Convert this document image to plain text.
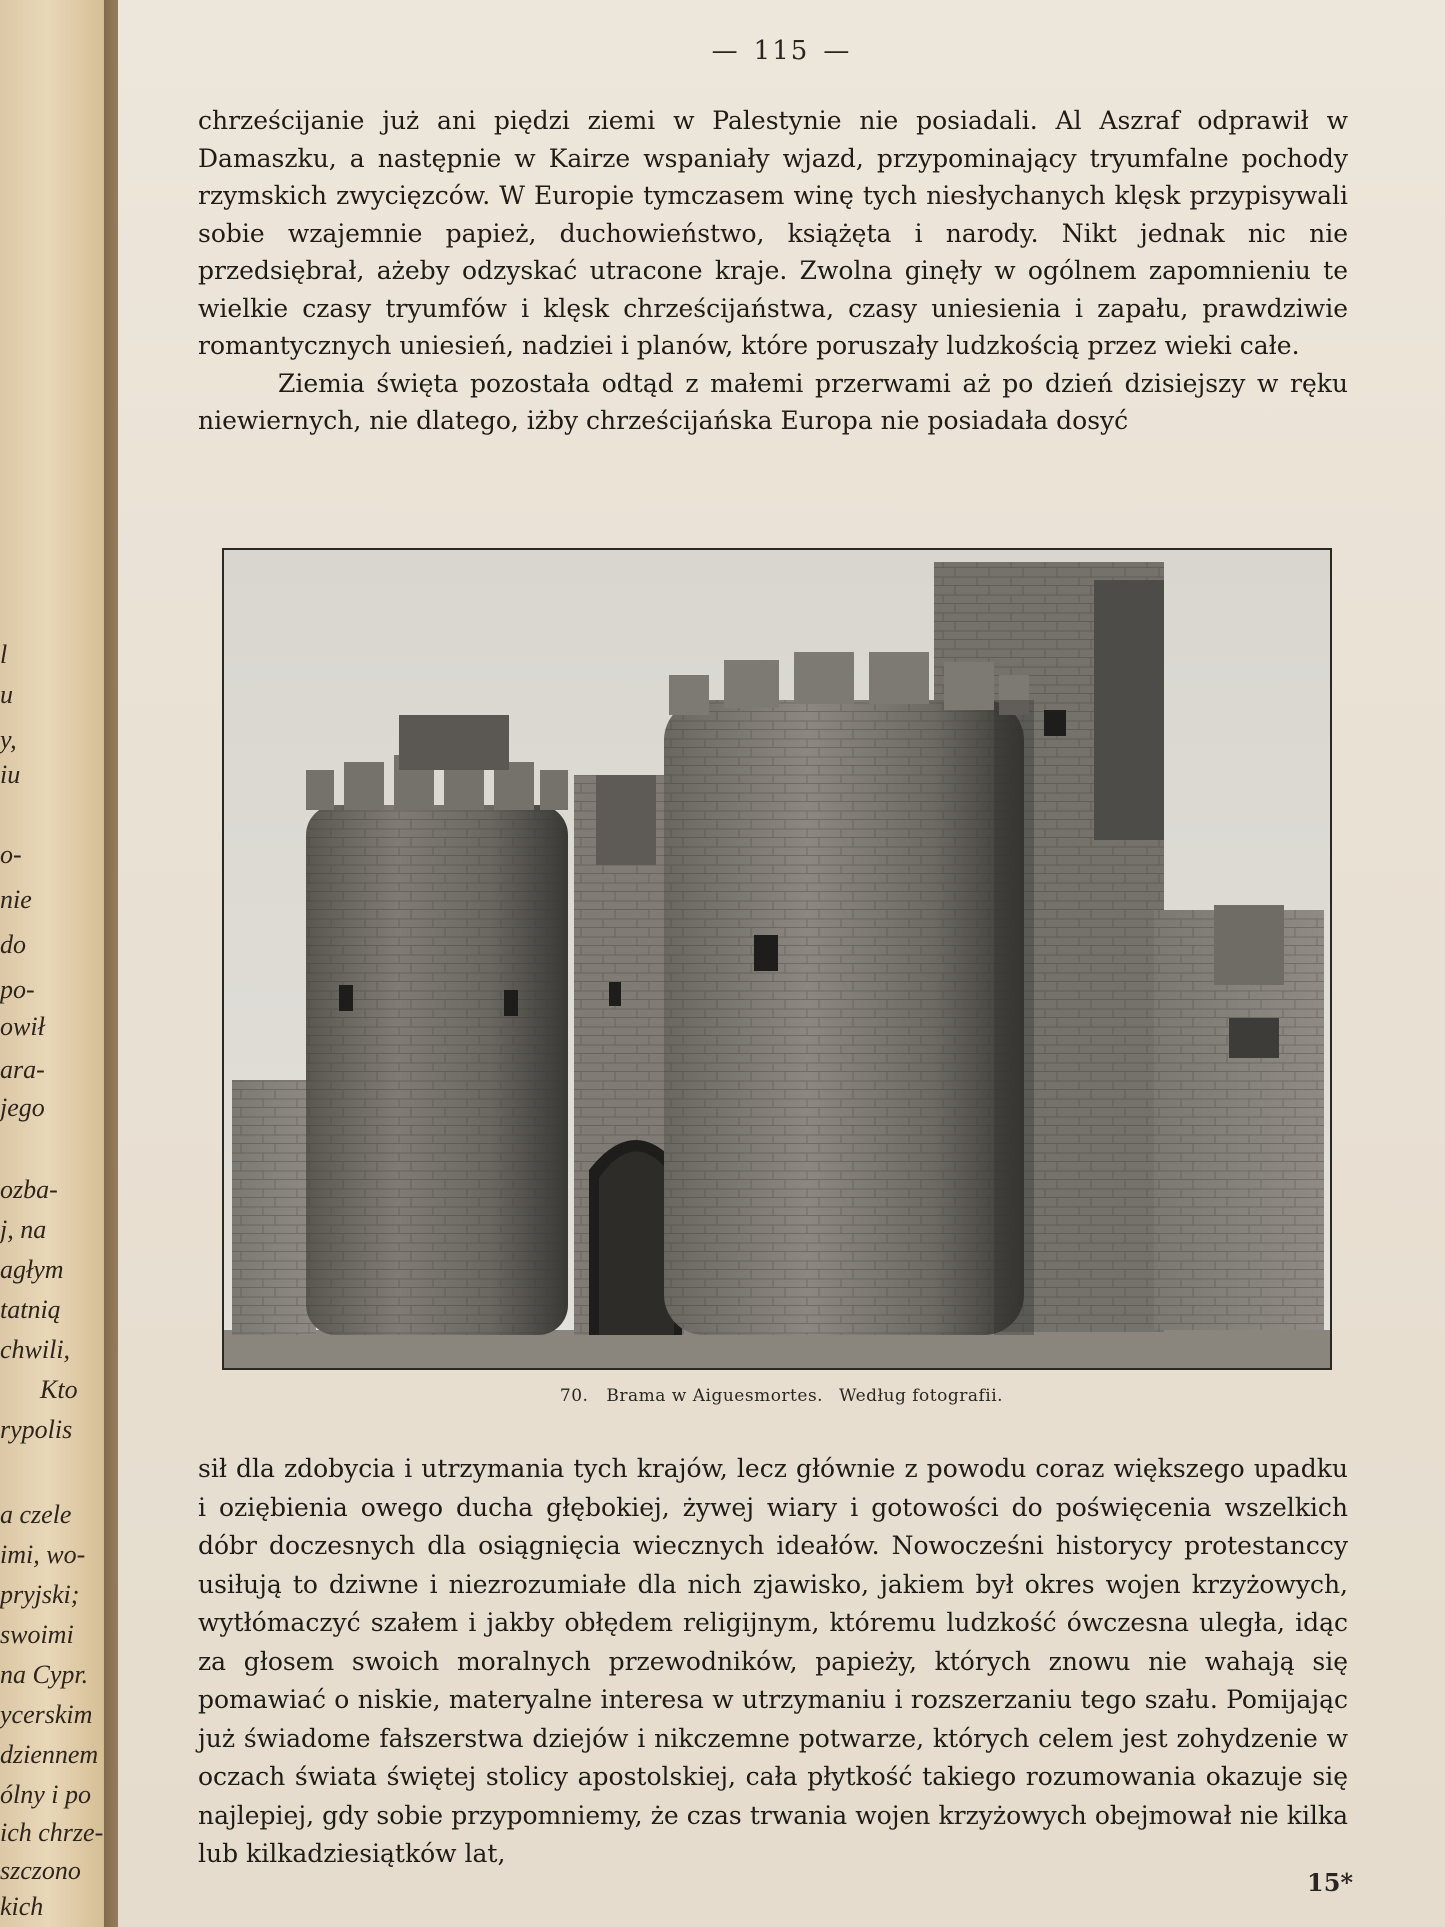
l
u
y,
iu
o-
nie
do
po-
owił
ara-
jego
ozba-
j, na
agłym
tatnią
chwili,
Kto
rypolis
a czele
imi, wo-
pryjski;
swoimi
na Cypr.
ycerskim
dziennem
ólny i po
ich chrze-
szczono
kich
— 115 —

chrześcijanie już ani piędzi ziemi w Palestynie nie posiadali. Al Aszraf odprawił w Damaszku, a następnie w Kairze wspaniały wjazd, przypominający tryumfalne pochody rzymskich zwycięzców. W Europie tymczasem winę tych niesłychanych klęsk przypisywali sobie wzajemnie papież, duchowieństwo, książęta i narody. Nikt jednak nic nie przedsiębrał, ażeby odzyskać utracone kraje. Zwolna ginęły w ogólnem zapomnieniu te wielkie czasy tryumfów i klęsk chrześcijaństwa, czasy uniesienia i zapału, prawdziwie romantycznych uniesień, nadziei i planów, które poruszały ludzkością przez wieki całe.

Ziemia święta pozostała odtąd z małemi przerwami aż po dzień dzisiejszy w ręku niewiernych, nie dlatego, iżby chrześcijańska Europa nie posiadała dosyć

70. Brama w Aiguesmortes. Według fotografii.

sił dla zdobycia i utrzymania tych krajów, lecz głównie z powodu coraz większego upadku i oziębienia owego ducha głębokiej, żywej wiary i gotowości do poświęcenia wszelkich dóbr doczesnych dla osiągnięcia wiecznych ideałów. Nowocześni historycy protestanccy usiłują to dziwne i niezrozumiałe dla nich zjawisko, jakiem był okres wojen krzyżowych, wytłómaczyć szałem i jakby obłędem religijnym, któremu ludzkość ówczesna uległa, idąc za głosem swoich moralnych przewodników, papieży, których znowu nie wahają się pomawiać o niskie, materyalne interesa w utrzymaniu i rozszerzaniu tego szału. Pomijając już świadome fałszerstwa dziejów i nikczemne potwarze, których celem jest zohydzenie w oczach świata świętej stolicy apostolskiej, cała płytkość takiego rozumowania okazuje się najlepiej, gdy sobie przypomniemy, że czas trwania wojen krzyżowych obejmował nie kilka lub kilkadziesiątków lat,

15*
